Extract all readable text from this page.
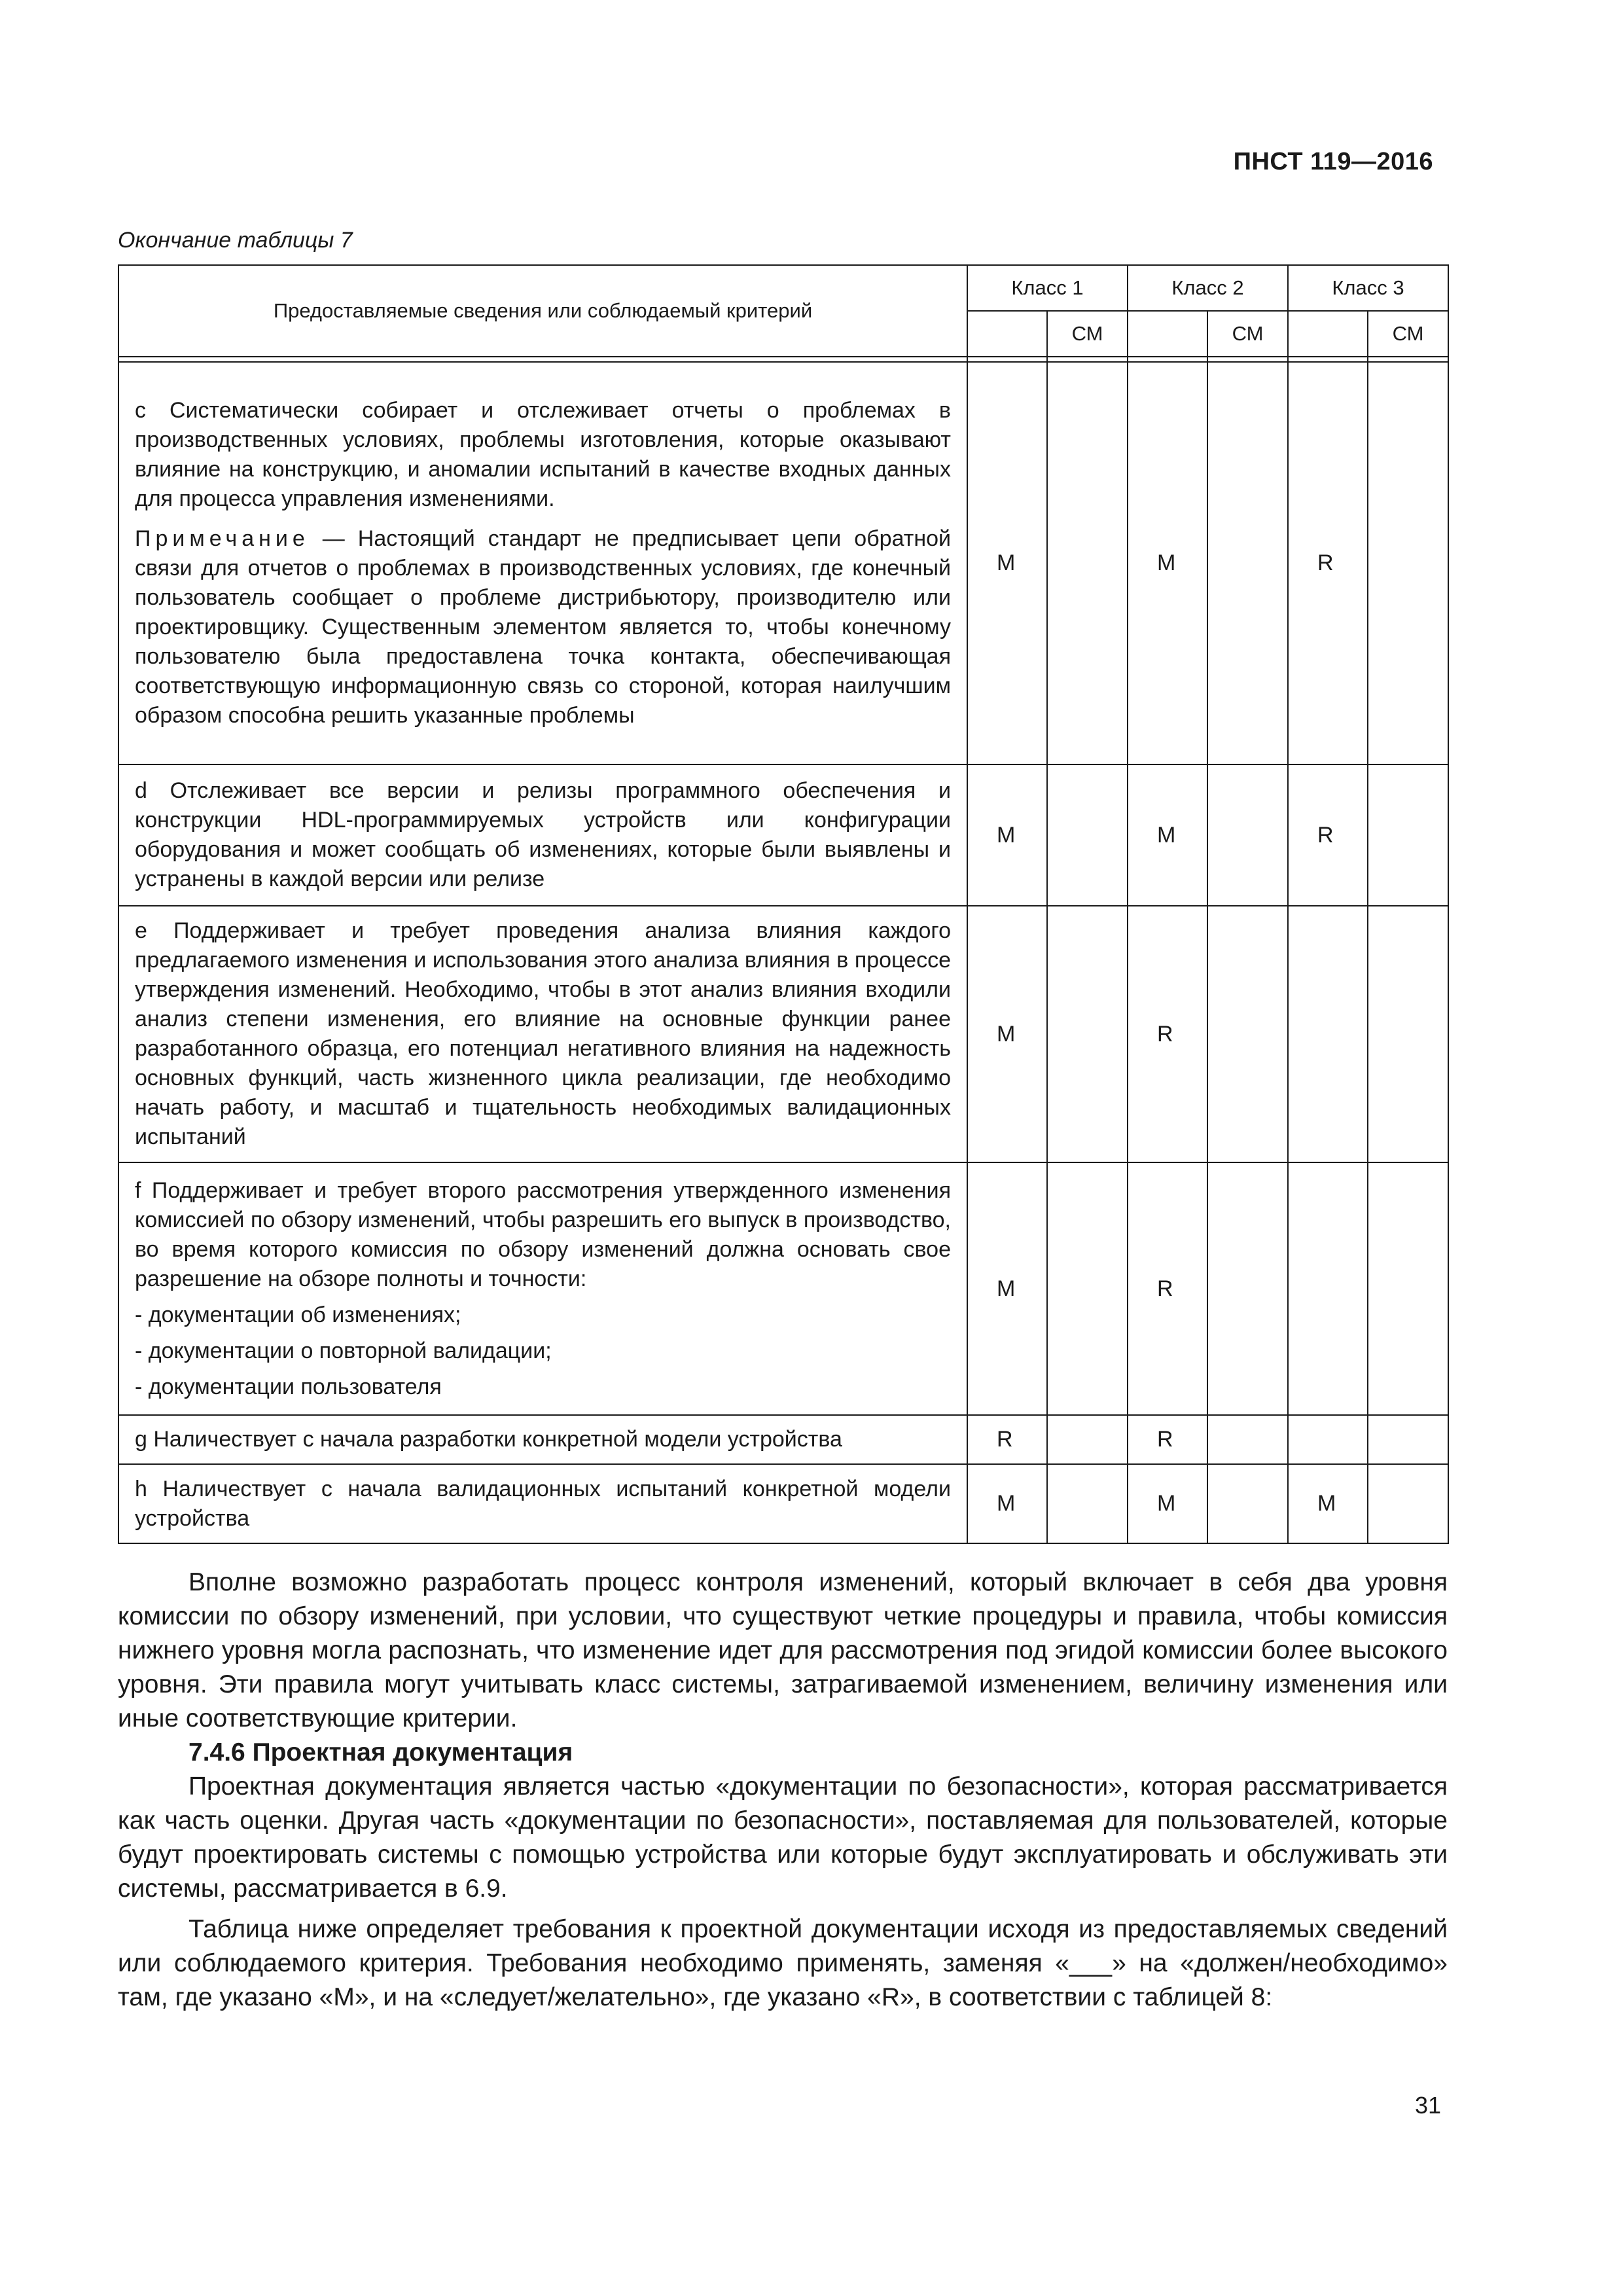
ПНСТ 119—2016
Окончание таблицы 7
Предоставляемые сведения или соблюдаемый критерий	Класс 1		Класс 2		Класс 3	
		СМ		СМ		СМ

c Систематически собирает и отслеживает отчеты о проблемах в производственных условиях, проблемы изготовления, которые оказывают влияние на конструкцию, и аномалии испытаний в качестве входных данных для процесса управления изменениями.

Примечание — Настоящий стандарт не предписывает цепи обратной связи для отчетов о проблемах в производственных условиях, где конечный пользователь сообщает о проблеме дистрибьютору, производителю или проектировщику. Существенным элементом является то, чтобы конечному пользователю была предоставлена точка контакта, обеспечивающая соответствующую информационную связь со стороной, которая наилучшим образом способна решить указанные проблемы	M		M		R	

d Отслеживает все версии и релизы программного обеспечения и конструкции HDL-программируемых устройств или конфигурации оборудования и может сообщать об изменениях, которые были выявлены и устранены в каждой версии или релизе	M		M		R	

e Поддерживает и требует проведения анализа влияния каждого предлагаемого изменения и использования этого анализа влияния в процессе утверждения изменений. Необходимо, чтобы в этот анализ влияния входили анализ степени изменения, его влияние на основные функции ранее разработанного образца, его потенциал негативного влияния на надежность основных функций, часть жизненного цикла реализации, где необходимо начать работу, и масштаб и тщательность необходимых валидационных испытаний	M		R			

f Поддерживает и требует второго рассмотрения утвержденного изменения комиссией по обзору изменений, чтобы разрешить его выпуск в производство, во время которого комиссия по обзору изменений должна основать свое разрешение на обзоре полноты и точности:

- документации об изменениях;

- документации о повторной валидации;

- документации пользователя	M		R			

g Наличествует с начала разработки конкретной модели устройства	R		R			

h Наличествует с начала валидационных испытаний конкретной модели устройства	M		M		M	

Вполне возможно разработать процесс контроля изменений, который включает в себя два уровня комиссии по обзору изменений, при условии, что существуют четкие процедуры и правила, чтобы комиссия нижнего уровня могла распознать, что изменение идет для рассмотрения под эгидой комиссии более высокого уровня. Эти правила могут учитывать класс системы, затрагиваемой изменением, величину изменения или иные соответствующие критерии.

7.4.6 Проектная документация

Проектная документация является частью «документации по безопасности», которая рассматривается как часть оценки. Другая часть «документации по безопасности», поставляемая для пользователей, которые будут проектировать системы с помощью устройства или которые будут эксплуатировать и обслуживать эти системы, рассматривается в 6.9.

Таблица ниже определяет требования к проектной документации исходя из предоставляемых сведений или соблюдаемого критерия. Требования необходимо применять, заменяя «___» на «должен/необходимо» там, где указано «М», и на «следует/желательно», где указано «R», в соответствии с таблицей 8:

31
